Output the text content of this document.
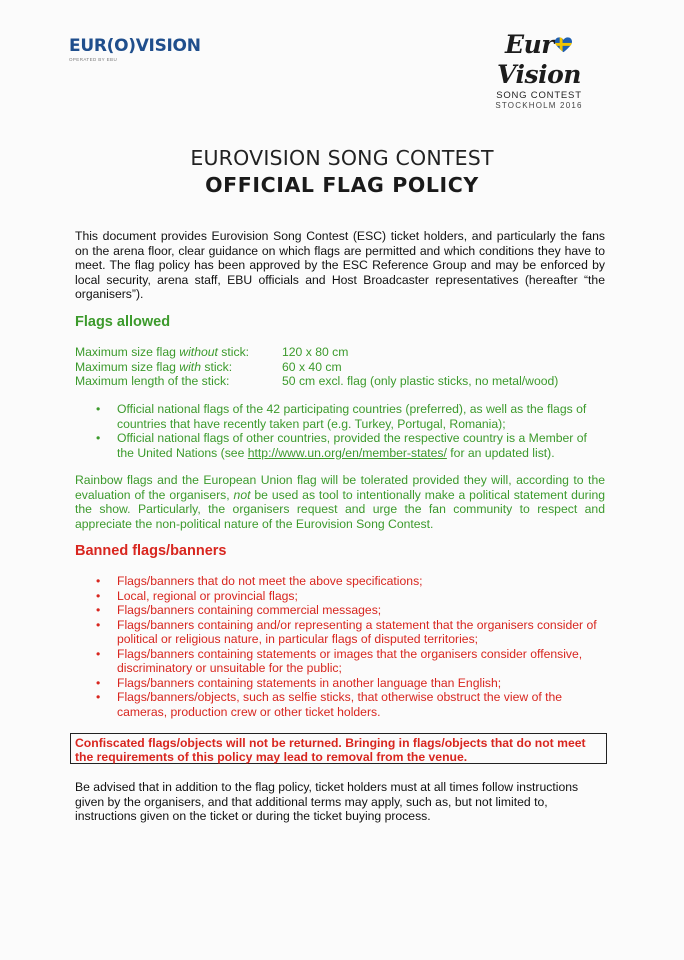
EUR(O)VISION
OPERATED BY EBU
EurVision
SONG CONTEST
STOCKHOLM 2016
EUROVISION SONG CONTEST
OFFICIAL FLAG POLICY
This document provides Eurovision Song Contest (ESC) ticket holders, and particularly the fans on the arena floor, clear guidance on which flags are permitted and which conditions they have to meet. The flag policy has been approved by the ESC Reference Group and may be enforced by local security, arena staff, EBU officials and Host Broadcaster representatives (hereafter “the organisers”).
Flags allowed
Maximum size flag without stick:	120 x 80 cm
Maximum size flag with stick:	60 x 40 cm
Maximum length of the stick:	50 cm excl. flag (only plastic sticks, no metal/wood)
• Official national flags of the 42 participating countries (preferred), as well as the flags of countries that have recently taken part (e.g. Turkey, Portugal, Romania);
• Official national flags of other countries, provided the respective country is a Member of the United Nations (see http://www.un.org/en/member-states/ for an updated list).
Rainbow flags and the European Union flag will be tolerated provided they will, according to the evaluation of the organisers, not be used as tool to intentionally make a political statement during the show. Particularly, the organisers request and urge the fan community to respect and appreciate the non-political nature of the Eurovision Song Contest.
Banned flags/banners
• Flags/banners that do not meet the above specifications;
• Local, regional or provincial flags;
• Flags/banners containing commercial messages;
• Flags/banners containing and/or representing a statement that the organisers consider of political or religious nature, in particular flags of disputed territories;
• Flags/banners containing statements or images that the organisers consider offensive, discriminatory or unsuitable for the public;
• Flags/banners containing statements in another language than English;
• Flags/banners/objects, such as selfie sticks, that otherwise obstruct the view of the cameras, production crew or other ticket holders.
Confiscated flags/objects will not be returned. Bringing in flags/objects that do not meet the requirements of this policy may lead to removal from the venue.
Be advised that in addition to the flag policy, ticket holders must at all times follow instructions given by the organisers, and that additional terms may apply, such as, but not limited to, instructions given on the ticket or during the ticket buying process.
